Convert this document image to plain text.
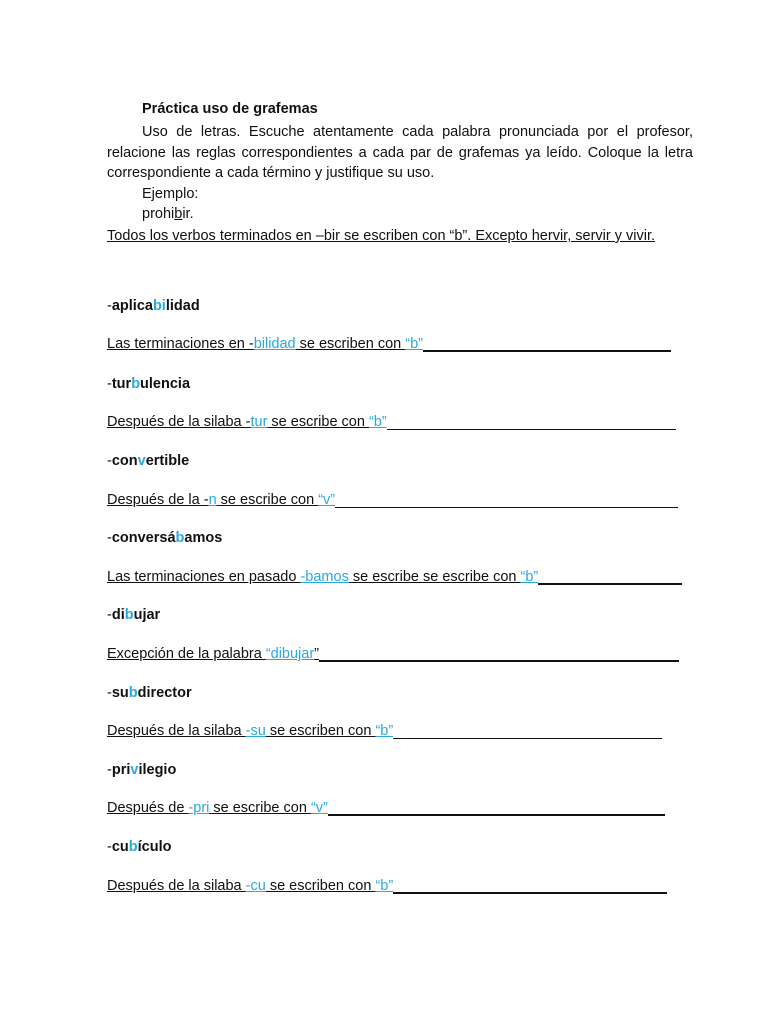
Práctica uso de grafemas
Uso de letras. Escuche atentamente cada palabra pronunciada por el profesor,
relacione las reglas correspondientes a cada par de grafemas ya leído. Coloque la letra
correspondiente a cada término y justifique su uso.
Ejemplo:
prohibir.
Todos los verbos terminados en –bir se escriben con “b”. Excepto hervir, servir y vivir.
-aplicabilidad
Las terminaciones en -bilidad se escriben con “b”
-turbulencia
Después de la silaba -tur se escribe con “b”
-convertible
Después de la -n se escribe con “v”
-conversábamos
Las terminaciones en pasado -bamos se escribe se escribe con “b”
-dibujar
Excepción de la palabra “dibujar”
-subdirector
Después de la silaba -su se escriben con “b”
-privilegio
Después de -pri se escribe con “v”
-cubículo
Después de la silaba -cu se escriben con “b”
